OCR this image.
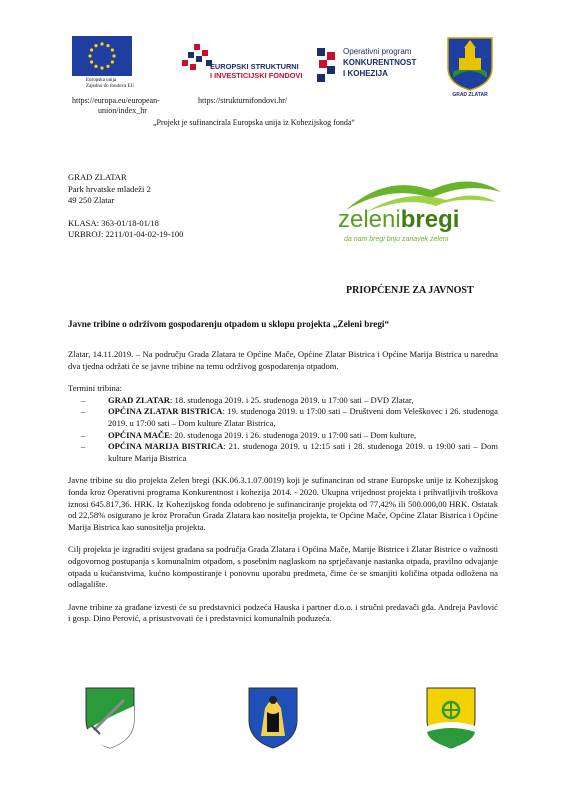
Europska unija
Zajedno do fondova EU
EUROPSKI STRUKTURNI
I INVESTICIJSKI FONDOVI
Operativni program
KONKURENTNOST
I KOHEZIJA
GRAD ZLATAR
https://europa.eu/european-
union/index_hr
https://strukturnifondovi.hr/
„Projekt je sufinancirala Europska unija iz Kohezijskog fonda“
GRAD ZLATAR
Park hrvatske mladeži 2
49 250 Zlatar
KLASA: 363-01/18-01/18
URBROJ: 2211/01-04-02-19-100
zelenibregi
da nam bregi bnju zanavek zeleni
PRIOPĆENJE ZA JAVNOST
Javne tribine o održivom gospodarenju otpadom u sklopu projekta „Zeleni bregi“
Zlatar, 14.11.2019. – Na području Grada Zlatara te Općine Mače, Općine Zlatar Bistrica i Općine Marija Bistrica u naredna dva tjedna održati će se javne tribine na temu održivog gospodarenja otpadom.
Termini tribina:
–	GRAD ZLATAR: 18. studenoga 2019. i 25. studenoga 2019. u 17:00 sati – DVD Zlatar,
–	OPĆINA ZLATAR BISTRICA: 19. studenoga 2019. u 17:00 sati – Društveni dom Veleškovec i 26. studenoga 2019. u 17:00 sati – Dom kulture Zlatar Bistrica,
–	OPĆINA MAČE: 20. studenoga 2019. i 26. studenoga 2019. u 17:00 sati – Dom kulture,
–	OPĆINA MARIJA BISTRICA: 21. studenoga 2019. u 12:15 sati i 28. studenoga 2019. u 19:00 sati – Dom kulture Marija Bistrica
Javne tribine su dio projekta Zelen bregi (KK.06.3.1.07.0019) koji je sufinanciran od strane Europske unije iz Kohezijskog fonda kroz Operativni programa Konkurentnost i kohezija 2014. - 2020. Ukupna vrijednost projekta i prihvatljivih troškova iznosi 645.817,36. HRK. Iz Kohezijskog fonda odobreno je sufinanciranje projekta od 77,42% ili 500.000,00 HRK. Ostatak od 22,58% osigurano je kroz Proračun Grada Zlatara kao nositelja projekta, te Općine Mače, Općine Zlatar Bistrica i Općine Marija Bistrica kao sunositelja projekta.
Cilj projekta je izgraditi svijest građana sa područja Grada Zlatara i Općina Mače, Marije Bistrice i Zlatar Bistrice o važnosti odgovornog postupanja s komunalnim otpadom, s posebnim naglaskom na sprječavanje nastanka otpada, pravilno odvajanje otpada u kućanstvima, kućno kompostiranje i ponovnu uporabu predmeta, čime će se smanjiti količina otpada odložena na odlagalište.
Javne tribine za građane izvesti će su predstavnici podzeća Hauska i partner d.o.o. i stručni predavači gđa. Andreja Pavlović i gosp. Dino Perović, a prisustvovati će i predstavnici komunalnih poduzeća.
